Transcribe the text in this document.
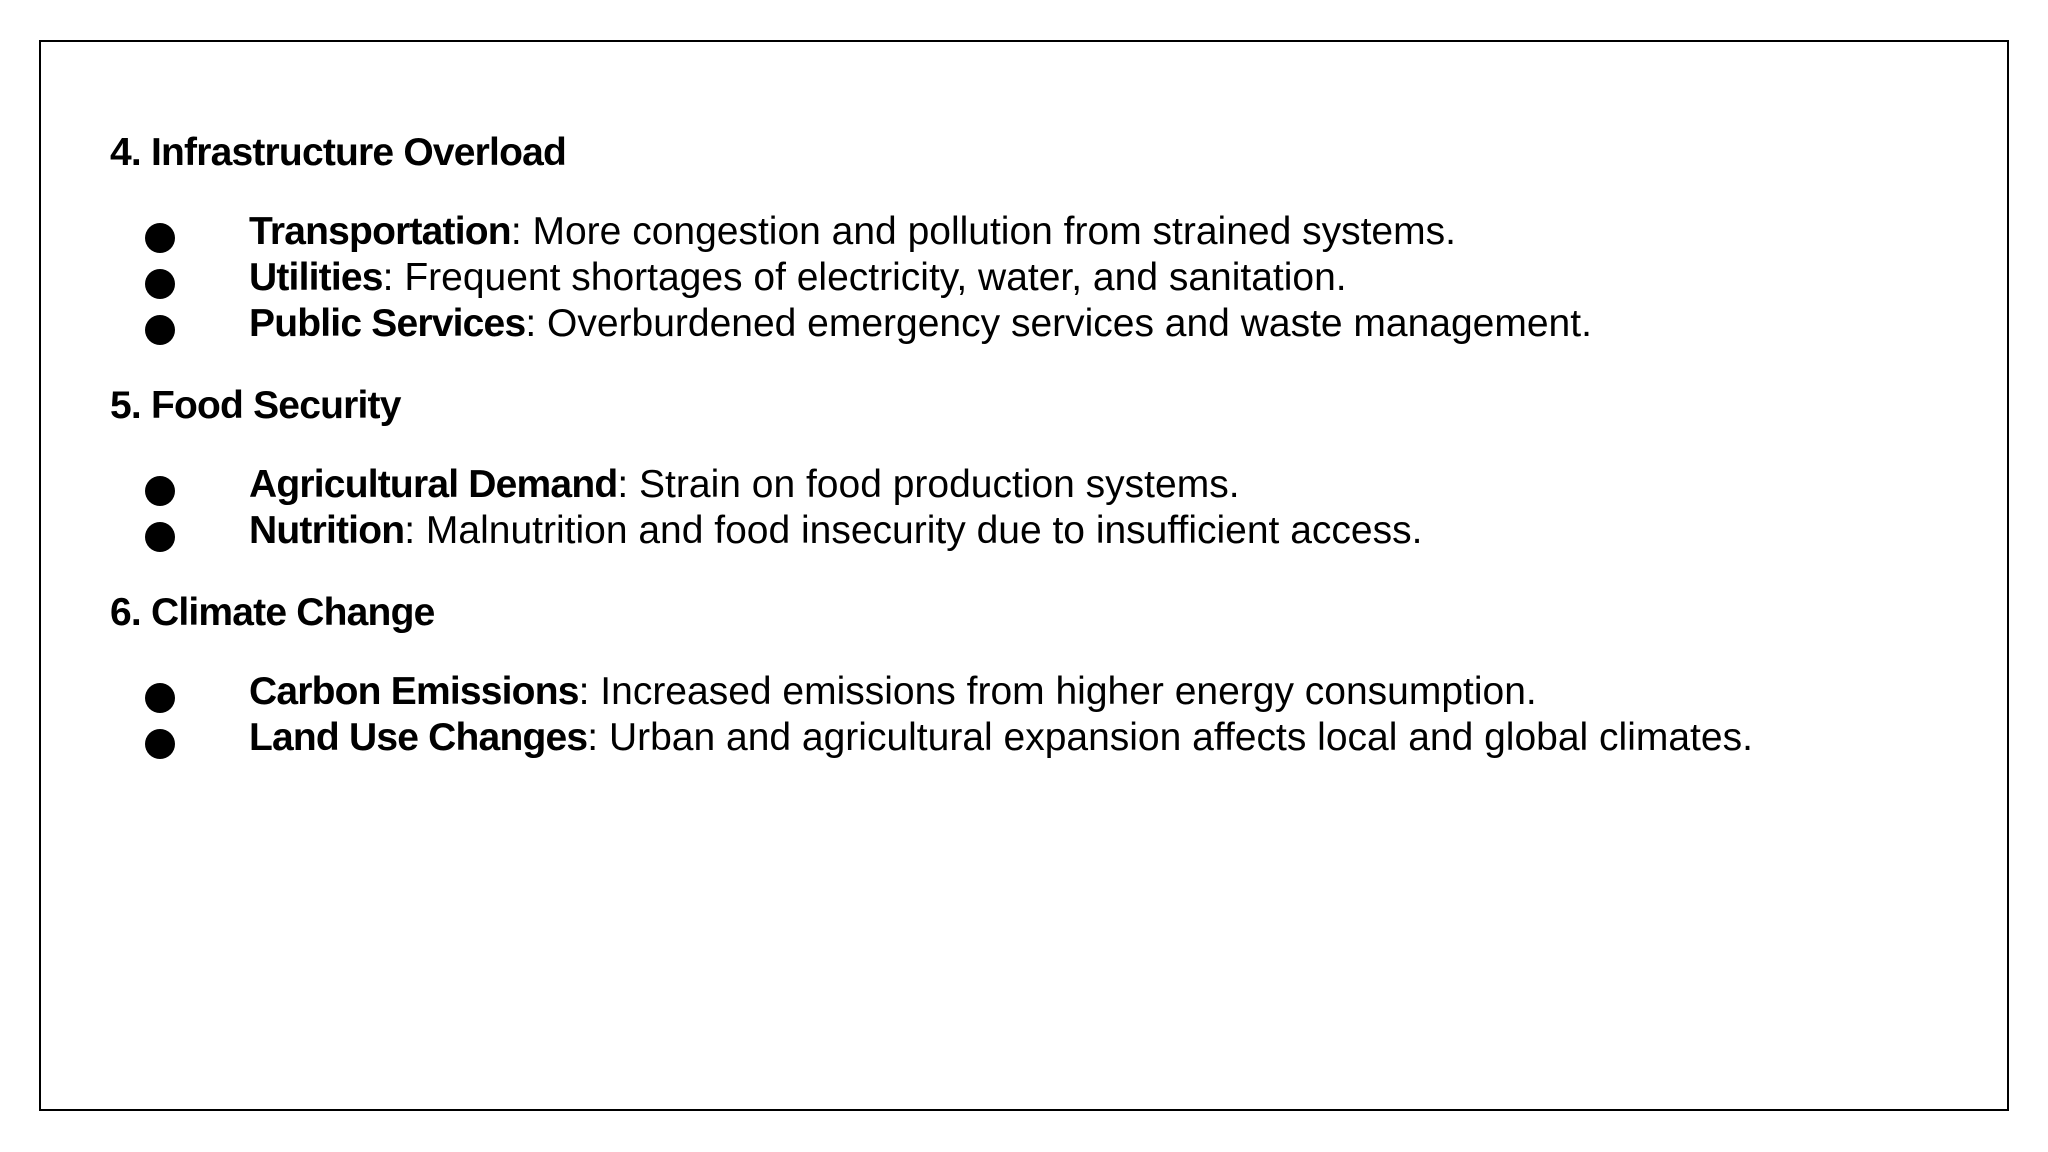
4. Infrastructure Overload
Transportation: More congestion and pollution from strained systems.
Utilities: Frequent shortages of electricity, water, and sanitation.
Public Services: Overburdened emergency services and waste management.
5. Food Security
Agricultural Demand: Strain on food production systems.
Nutrition: Malnutrition and food insecurity due to insufficient access.
6. Climate Change
Carbon Emissions: Increased emissions from higher energy consumption.
Land Use Changes: Urban and agricultural expansion affects local and global climates.
